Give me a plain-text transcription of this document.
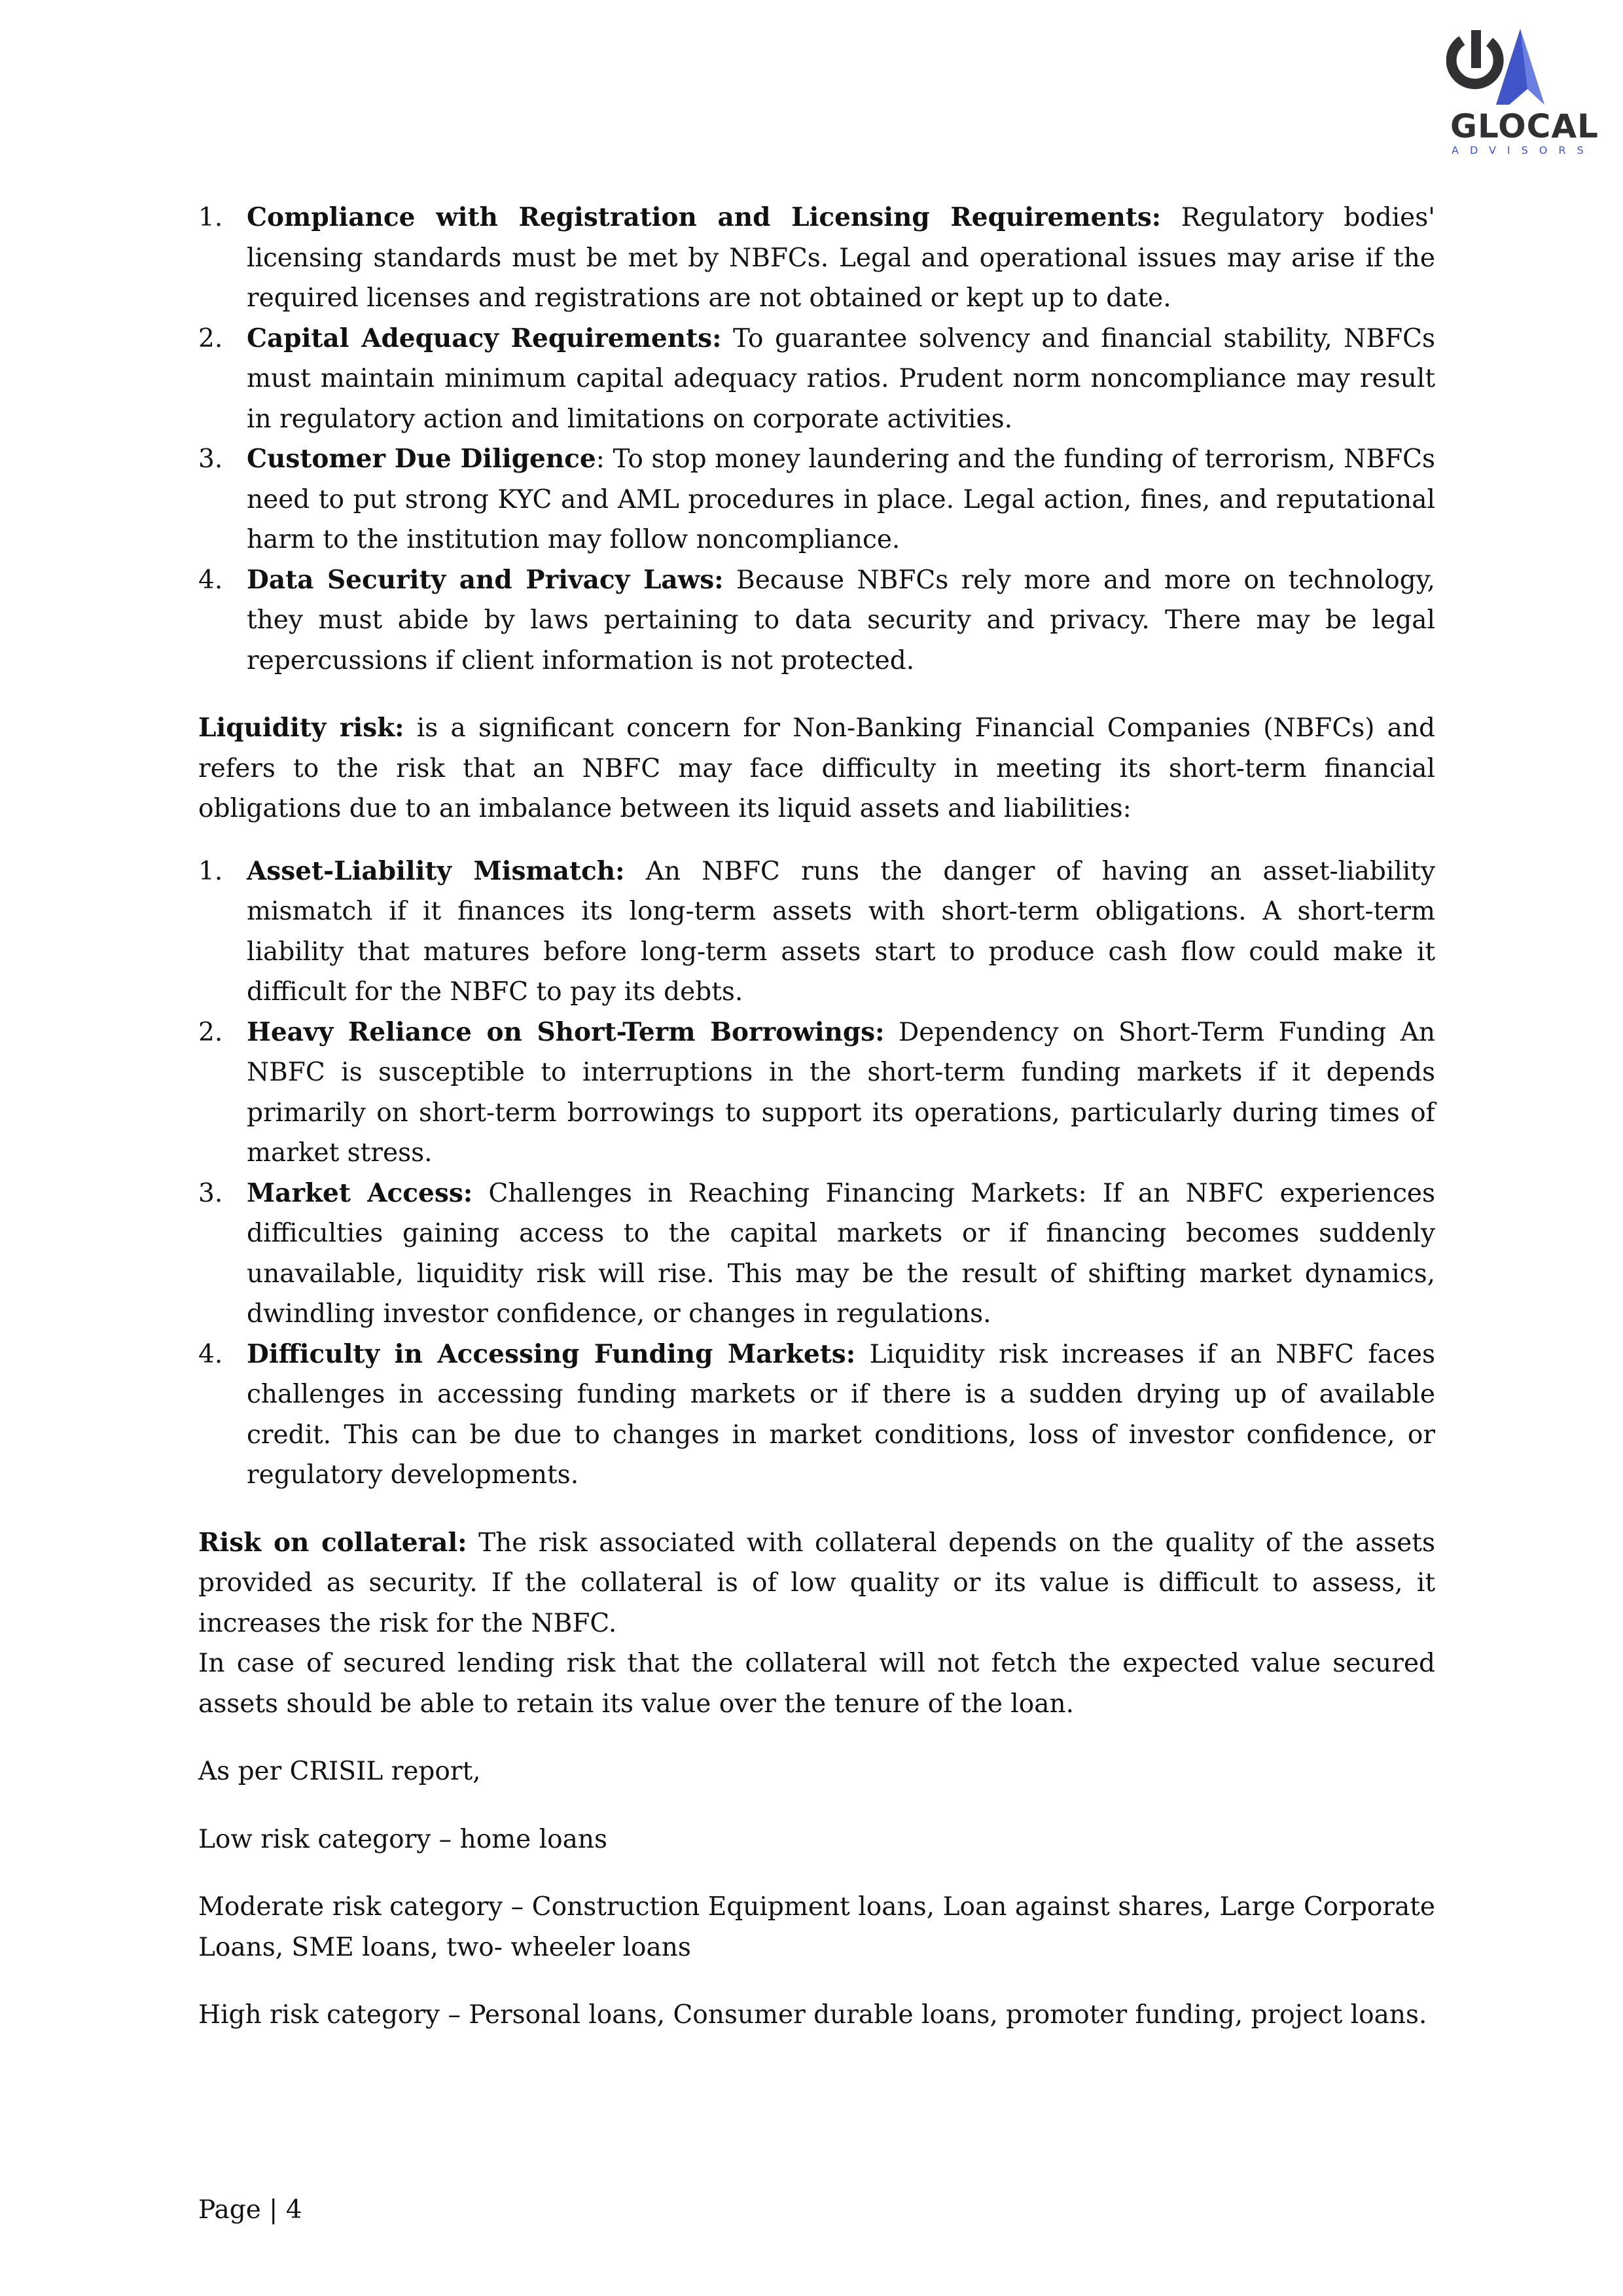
GLOCAL
ADVISORS
1. Compliance with Registration and Licensing Requirements: Regulatory bodies' licensing standards must be met by NBFCs. Legal and operational issues may arise if the required licenses and registrations are not obtained or kept up to date.
2. Capital Adequacy Requirements: To guarantee solvency and financial stability, NBFCs must maintain minimum capital adequacy ratios. Prudent norm noncompliance may result in regulatory action and limitations on corporate activities.
3. Customer Due Diligence: To stop money laundering and the funding of terrorism, NBFCs need to put strong KYC and AML procedures in place. Legal action, fines, and reputational harm to the institution may follow noncompliance.
4. Data Security and Privacy Laws: Because NBFCs rely more and more on technology, they must abide by laws pertaining to data security and privacy. There may be legal repercussions if client information is not protected.

Liquidity risk: is a significant concern for Non-Banking Financial Companies (NBFCs) and refers to the risk that an NBFC may face difficulty in meeting its short-term financial obligations due to an imbalance between its liquid assets and liabilities:

1. Asset-Liability Mismatch: An NBFC runs the danger of having an asset-liability mismatch if it finances its long-term assets with short-term obligations. A short-term liability that matures before long-term assets start to produce cash flow could make it difficult for the NBFC to pay its debts.
2. Heavy Reliance on Short-Term Borrowings: Dependency on Short-Term Funding An NBFC is susceptible to interruptions in the short-term funding markets if it depends primarily on short-term borrowings to support its operations, particularly during times of market stress.
3. Market Access: Challenges in Reaching Financing Markets: If an NBFC experiences difficulties gaining access to the capital markets or if financing becomes suddenly unavailable, liquidity risk will rise. This may be the result of shifting market dynamics, dwindling investor confidence, or changes in regulations.
4. Difficulty in Accessing Funding Markets: Liquidity risk increases if an NBFC faces challenges in accessing funding markets or if there is a sudden drying up of available credit. This can be due to changes in market conditions, loss of investor confidence, or regulatory developments.

Risk on collateral: The risk associated with collateral depends on the quality of the assets provided as security. If the collateral is of low quality or its value is difficult to assess, it increases the risk for the NBFC.

In case of secured lending risk that the collateral will not fetch the expected value secured assets should be able to retain its value over the tenure of the loan.

As per CRISIL report,

Low risk category – home loans

Moderate risk category – Construction Equipment loans, Loan against shares, Large Corporate Loans, SME loans, two- wheeler loans

High risk category – Personal loans, Consumer durable loans, promoter funding, project loans.

Page | 4
